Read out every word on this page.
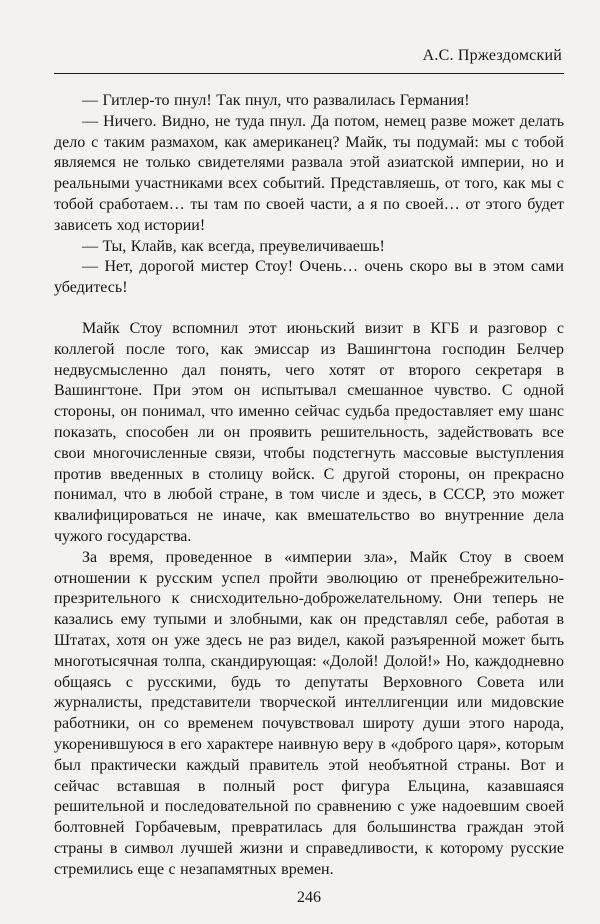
А.С. Пржездомский

— Гитлер-то пнул! Так пнул, что развалилась Германия!

— Ничего. Видно, не туда пнул. Да потом, немец разве может делать дело с таким размахом, как американец? Майк, ты подумай: мы с тобой являемся не только свидетелями развала этой азиатской империи, но и реальными участниками всех событий. Представляешь, от того, как мы с тобой сработаем… ты там по своей части, а я по своей… от этого будет зависеть ход истории!

— Ты, Клайв, как всегда, преувеличиваешь!

— Нет, дорогой мистер Стоу! Очень… очень скоро вы в этом сами убедитесь!

Майк Стоу вспомнил этот июньский визит в КГБ и разговор с коллегой после того, как эмиссар из Вашингтона господин Белчер недвусмысленно дал понять, чего хотят от второго секретаря в Вашингтоне. При этом он испытывал смешанное чувство. С одной стороны, он понимал, что именно сейчас судьба предоставляет ему шанс показать, способен ли он проявить решительность, задействовать все свои многочисленные связи, чтобы подстегнуть массовые выступления против введенных в столицу войск. С другой стороны, он прекрасно понимал, что в любой стране, в том числе и здесь, в СССР, это может квалифицироваться не иначе, как вмешательство во внутренние дела чужого государства.

За время, проведенное в «империи зла», Майк Стоу в своем отношении к русским успел пройти эволюцию от пренебрежительно-презрительного к снисходительно-доброжелательному. Они теперь не казались ему тупыми и злобными, как он представлял себе, работая в Штатах, хотя он уже здесь не раз видел, какой разъяренной может быть многотысячная толпа, скандирующая: «Долой! Долой!» Но, каждодневно общаясь с русскими, будь то депутаты Верховного Совета или журналисты, представители творческой интеллигенции или мидовские работники, он со временем почувствовал широту души этого народа, укоренившуюся в его характере наивную веру в «доброго царя», которым был практически каждый правитель этой необъятной страны. Вот и сейчас вставшая в полный рост фигура Ельцина, казавшаяся решительной и последовательной по сравнению с уже надоевшим своей болтовней Горбачевым, превратилась для большинства граждан этой страны в символ лучшей жизни и справедливости, к которому русские стремились еще с незапамятных времен.

246
